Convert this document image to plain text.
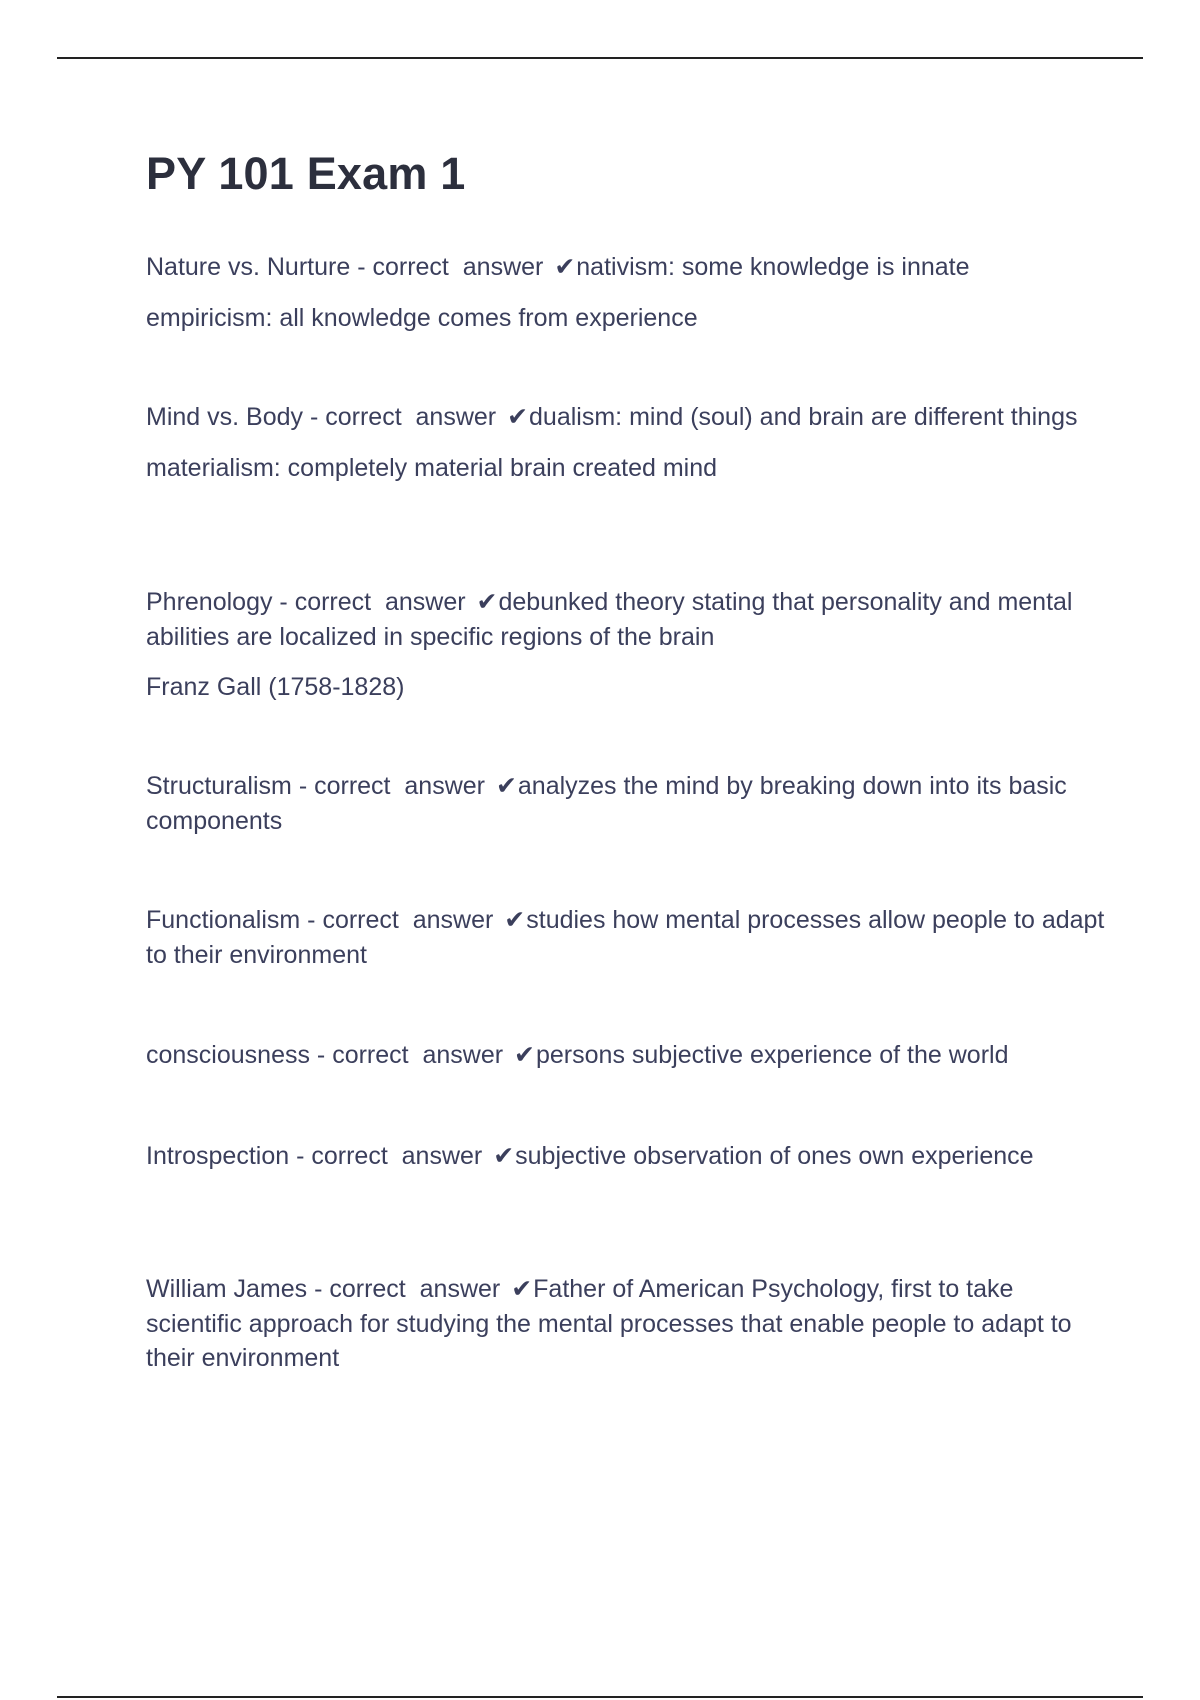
PY 101 Exam 1

Nature vs. Nurture - correct  answer ✔nativism: some knowledge is innate

empiricism: all knowledge comes from experience

Mind vs. Body - correct  answer ✔dualism: mind (soul) and brain are different things

materialism: completely material brain created mind

Phrenology - correct  answer ✔debunked theory stating that personality and mental abilities are localized in specific regions of the brain

Franz Gall (1758-1828)

Structuralism - correct  answer ✔analyzes the mind by breaking down into its basic components

Functionalism - correct  answer ✔studies how mental processes allow people to adapt to their environment

consciousness - correct  answer ✔persons subjective experience of the world

Introspection - correct  answer ✔subjective observation of ones own experience

William James - correct  answer ✔Father of American Psychology, first to take scientific approach for studying the mental processes that enable people to adapt to their environment
